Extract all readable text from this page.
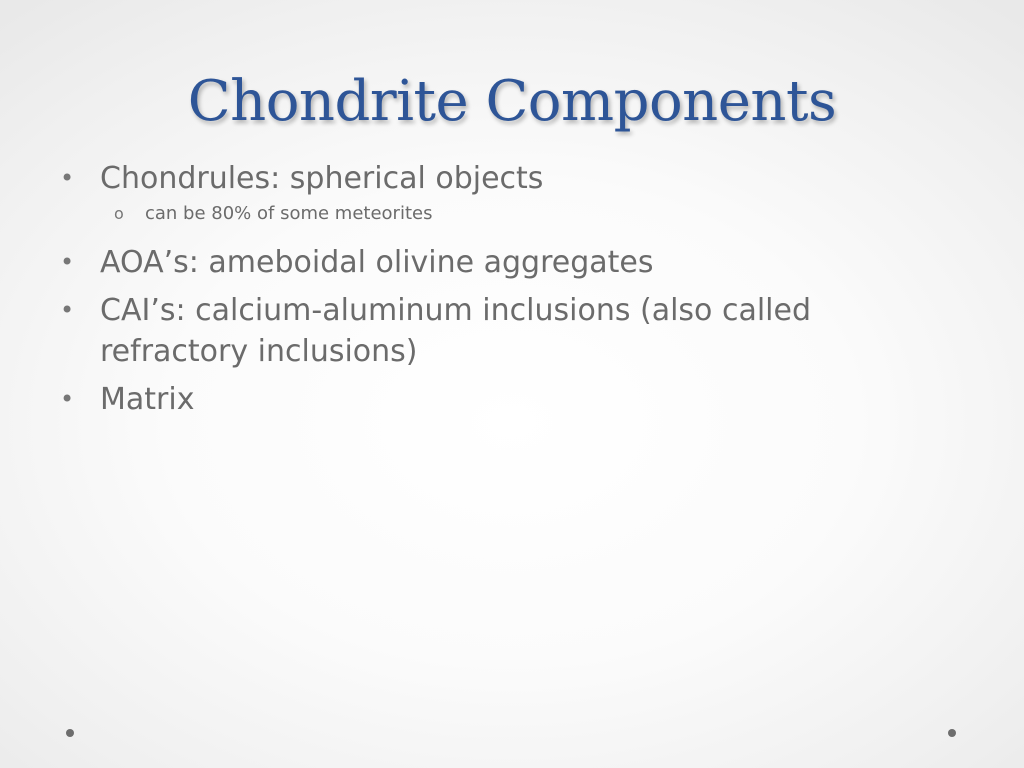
Chondrite Components
• Chondrules: spherical objects
o can be 80% of some meteorites
• AOA’s: ameboidal olivine aggregates
• CAI’s: calcium-aluminum inclusions (also called refractory inclusions)
• Matrix
